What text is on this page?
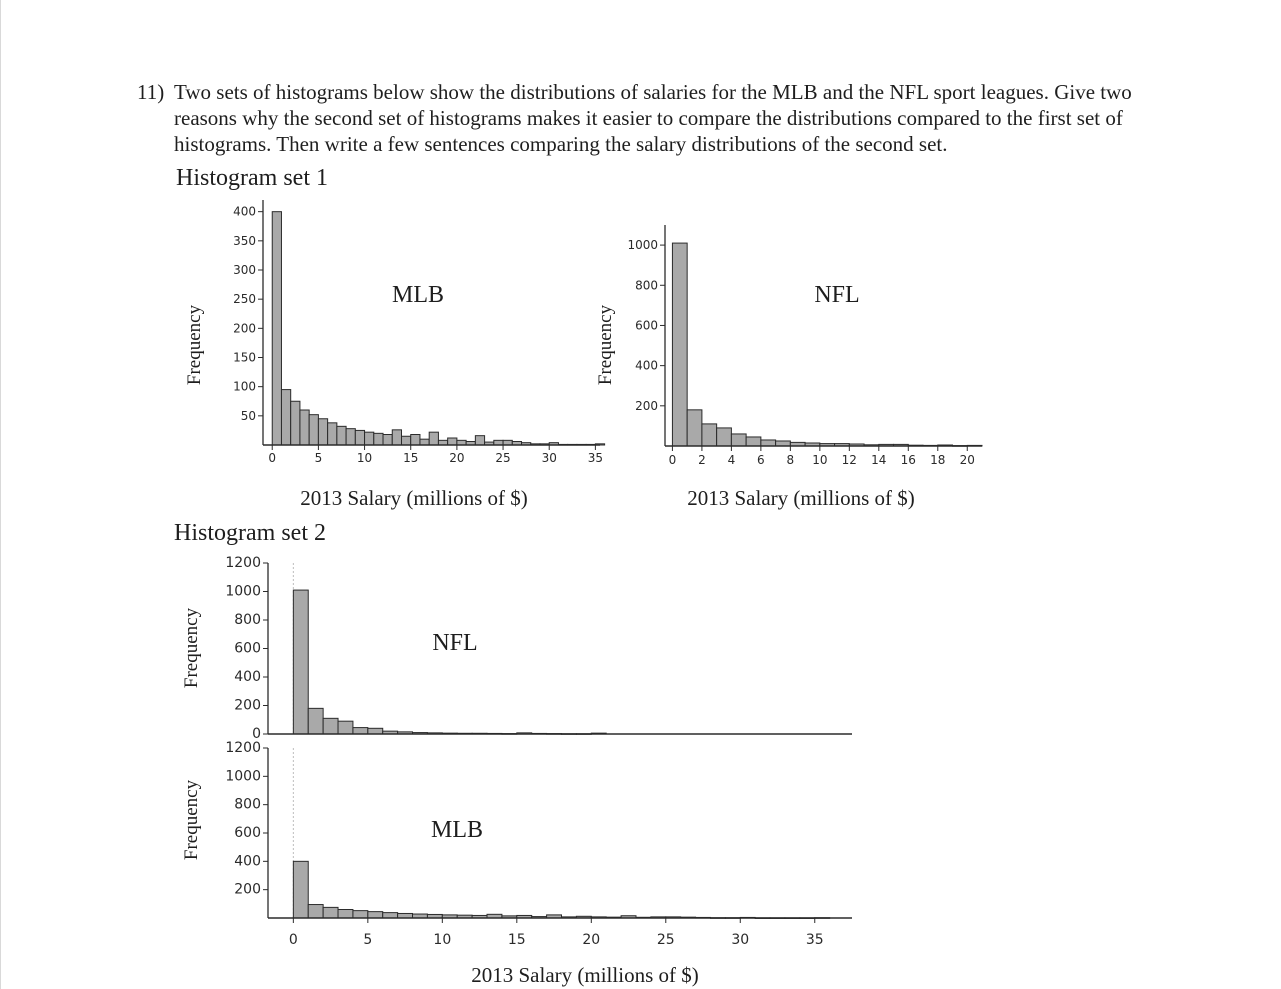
11) Two sets of histograms below show the distributions of salaries for the MLB and the NFL sport leagues. Give two
reasons why the second set of histograms makes it easier to compare the distributions compared to the first set of
histograms. Then write a few sentences comparing the salary distributions of the second set.
Histogram set 1
Histogram set 2
50
100
150
200
250
300
350
400
0	5	10	15	20	25	30	35
MLB
2013 Salary (millions of $)
Frequency
200
400
600
800
1000
0 2 4 6 8 10 12 14 16 18 20
NFL
2013 Salary (millions of $)
Frequency
0
200
400
600
800
1000
1200
NFL
Frequency
200
400
600
800
1000
1200
0	5	10	15	20	25	30	35
MLB
2013 Salary (millions of $)
Frequency
